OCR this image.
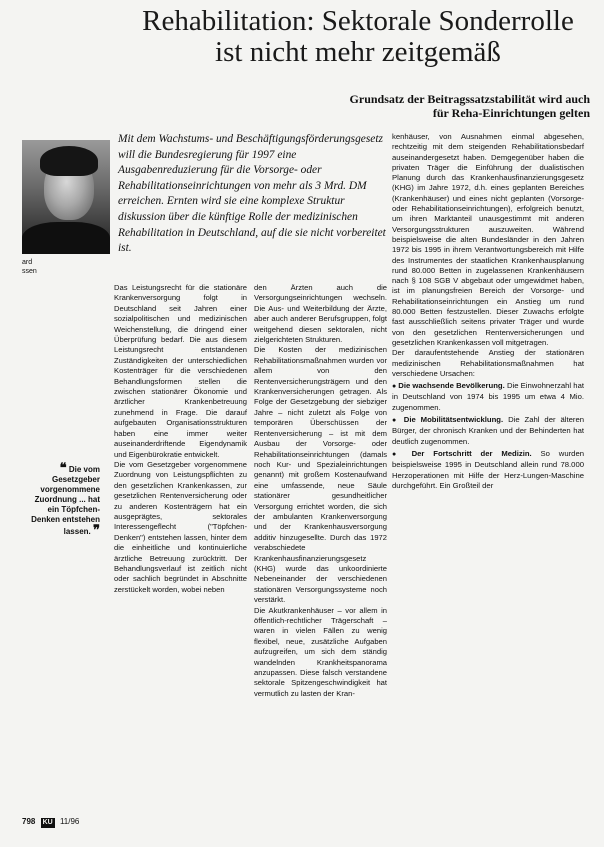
Rehabilitation: Sektorale Sonderrolle
ist nicht mehr zeitgemäß
Grundsatz der Beitragssatzstabilität wird auch
für Reha-Einrichtungen gelten
ard
ssen
❝ Die vom Gesetzgeber vorgenommene Zuordnung ... hat ein Töpfchen-Denken entstehen lassen. ❞
Mit dem Wachstums- und Beschäftigungsförderungsgesetz will die Bundesregierung für 1997 eine Ausgabenreduzierung für die Vorsorge- oder Rehabilitationseinrichtungen von mehr als 3 Mrd. DM erreichen. Ernten wird sie eine komplexe Struktur diskussion über die künftige Rolle der medizinischen Rehabilitation in Deutschland, auf die sie nicht vorbereitet ist.

Das Leistungsrecht für die stationäre Krankenversorgung folgt in Deutschland seit Jahren einer sozialpolitischen und medizinischen Weichenstellung, die dringend einer Überprüfung bedarf. Die aus diesem Leistungsrecht entstandenen Zuständigkeiten der unterschiedlichen Kostenträger für die verschiedenen Behandlungsformen stellen die zwischen stationärer Ökonomie und ärztlicher Krankenbetreuung zunehmend in Frage. Die darauf aufgebauten Organisationsstrukturen haben eine immer weiter auseinanderdriftende Eigendynamik und Eigenbürokratie entwickelt.

Die vom Gesetzgeber vorgenommene Zuordnung von Leistungspflichten zu den gesetzlichen Krankenkassen, zur gesetzlichen Rentenversicherung oder zu anderen Kostenträgern hat ein ausgeprägtes, sektorales Interessengeflecht ("Töpfchen-Denken") entstehen lassen, hinter dem die einheitliche und kontinuierliche ärztliche Betreuung zurücktritt. Der Behandlungsverlauf ist zeitlich nicht oder sachlich begründet in Abschnitte zerstückelt worden, wobei neben

den Ärzten auch die Versorgungseinrichtungen wechseln. Die Aus- und Weiterbildung der Ärzte, aber auch anderer Berufsgruppen, folgt weitgehend diesen sektoralen, nicht zielgerichteten Strukturen.

Die Kosten der medizinischen Rehabilitationsmaßnahmen wurden vor allem von den Rentenversicherungsträgern und den Krankenversicherungen getragen. Als Folge der Gesetzgebung der siebziger Jahre – nicht zuletzt als Folge von temporären Überschüssen der Rentenversicherung – ist mit dem Ausbau der Vorsorge- oder Rehabilitationseinrichtungen (damals noch Kur- und Spezialeinrichtungen genannt) mit großem Kostenaufwand eine umfassende, neue Säule stationärer gesundheitlicher Versorgung errichtet worden, die sich der ambulanten Krankenversorgung und der Krankenhausversorgung additiv hinzugesellte. Durch das 1972 verabschiedete Krankenhausfinanzierungsgesetz (KHG) wurde das unkoordinierte Nebeneinander der verschiedenen stationären Versorgungssysteme noch verstärkt.

Die Akutkrankenhäuser – vor allem in öffentlich-rechtlicher Trägerschaft – waren in vielen Fällen zu wenig flexibel, neue, zusätzliche Aufgaben aufzugreifen, um sich dem ständig wandelnden Krankheitspanorama anzupassen. Diese falsch verstandene sektorale Spitzengeschwindigkeit hat vermutlich zu lasten der Kran-

kenhäuser, von Ausnahmen einmal abgesehen, rechtzeitig mit dem steigenden Rehabilitationsbedarf auseinandergesetzt haben. Demgegenüber haben die privaten Träger die Einführung der dualistischen Planung durch das Krankenhausfinanzierungsgesetz (KHG) im Jahre 1972, d.h. eines geplanten Bereiches (Krankenhäuser) und eines nicht geplanten (Vorsorge- oder Rehabilitationseinrichtungen), erfolgreich benutzt, um ihren Marktanteil unausgestimmt mit anderen Versorgungsstrukturen auszuweiten. Während beispielsweise die alten Bundesländer in den Jahren 1972 bis 1995 in ihrem Verantwortungsbereich mit Hilfe des Instrumentes der staatlichen Krankenhausplanung rund 80.000 Betten in zugelassenen Krankenhäusern nach § 108 SGB V abgebaut oder umgewidmet haben, ist im planungsfreien Bereich der Vorsorge- und Rehabilitationseinrichtungen ein Anstieg um rund 80.000 Betten festzustellen. Dieser Zuwachs erfolgte fast ausschließlich seitens privater Träger und wurde von den gesetzlichen Rentenversicherungen und gesetzlichen Krankenkassen voll mitgetragen.

Der daraufentstehende Anstieg der stationären medizinischen Rehabilitationsmaßnahmen hat verschiedene Ursachen:

● Die wachsende Bevölkerung. Die Einwohnerzahl hat in Deutschland von 1974 bis 1995 um etwa 4 Mio. zugenommen.

● Die Mobilitätsentwicklung. Die Zahl der älteren Bürger, der chronisch Kranken und der Behinderten hat deutlich zugenommen.

● Der Fortschritt der Medizin. So wurden beispielsweise 1995 in Deutschland allein rund 78.000 Herzoperationen mit Hilfe der Herz-Lungen-Maschine durchgeführt. Ein Großteil der

798 KU 11/96
